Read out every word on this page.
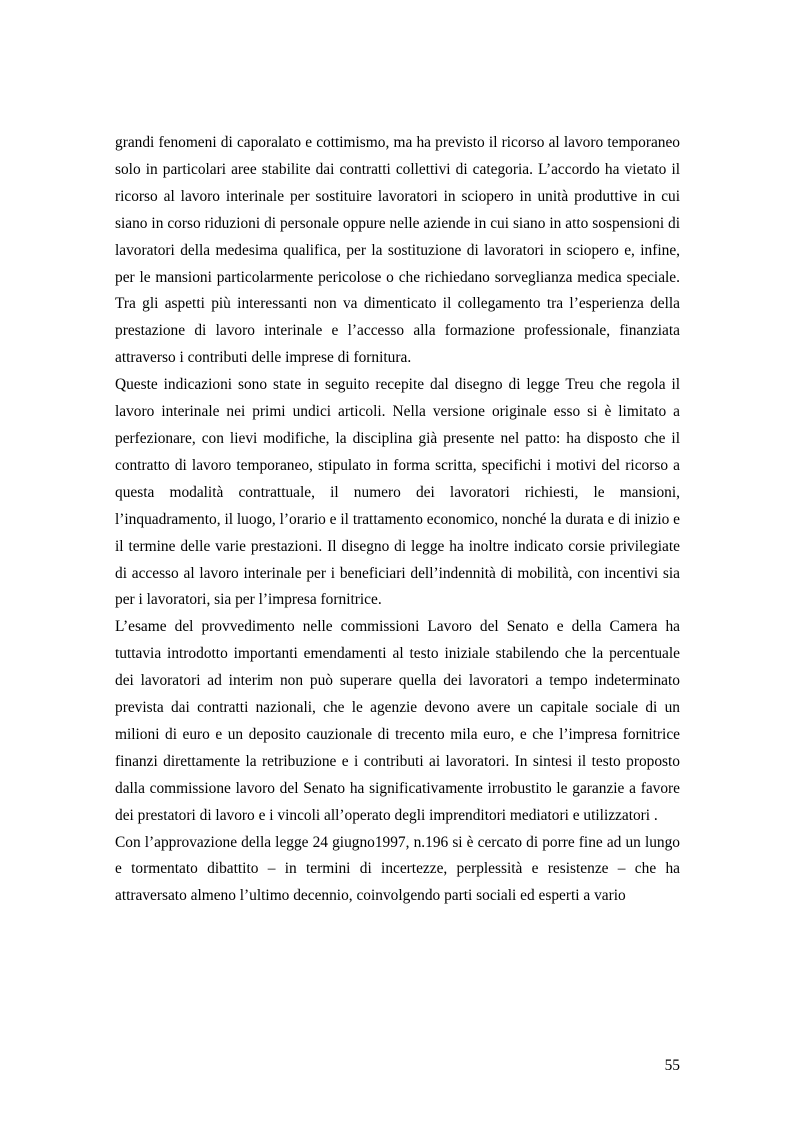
grandi fenomeni di caporalato e cottimismo, ma ha previsto il ricorso al lavoro temporaneo solo in particolari aree stabilite dai contratti collettivi di categoria. L’accordo ha vietato il ricorso al lavoro interinale per sostituire lavoratori in sciopero in unità produttive in cui siano in corso riduzioni di personale oppure nelle aziende in cui siano in atto sospensioni di lavoratori della medesima qualifica, per la sostituzione di lavoratori in sciopero e, infine, per le mansioni particolarmente pericolose o che richiedano sorveglianza medica speciale. Tra gli aspetti più interessanti non va dimenticato il collegamento tra l’esperienza della prestazione di lavoro interinale e l’accesso alla formazione professionale, finanziata attraverso i contributi delle imprese di fornitura.

Queste indicazioni sono state in seguito recepite dal disegno di legge Treu che regola il lavoro interinale nei primi undici articoli. Nella versione originale esso si è limitato a perfezionare, con lievi modifiche, la disciplina già presente nel patto: ha disposto che il contratto di lavoro temporaneo, stipulato in forma scritta, specifichi i motivi del ricorso a questa modalità contrattuale, il numero dei lavoratori richiesti, le mansioni, l’inquadramento, il luogo, l’orario e il trattamento economico, nonché la durata e di inizio e il termine delle varie prestazioni. Il disegno di legge ha inoltre indicato corsie privilegiate di accesso al lavoro interinale per i beneficiari dell’indennità di mobilità, con incentivi sia per i lavoratori, sia per l’impresa fornitrice.

L’esame del provvedimento nelle commissioni Lavoro del Senato e della Camera ha tuttavia introdotto importanti emendamenti al testo iniziale stabilendo che la percentuale dei lavoratori ad interim non può superare quella dei lavoratori a tempo indeterminato prevista dai contratti nazionali, che le agenzie devono avere un capitale sociale di un milioni di euro e un deposito cauzionale di trecento mila euro, e che l’impresa fornitrice finanzi direttamente la retribuzione e i contributi ai lavoratori. In sintesi il testo proposto dalla commissione lavoro del Senato ha significativamente irrobustito le garanzie a favore dei prestatori di lavoro e i vincoli all’operato degli imprenditori mediatori e utilizzatori .

Con l’approvazione della legge 24 giugno1997, n.196 si è cercato di porre fine ad un lungo e tormentato dibattito – in termini di incertezze, perplessità e resistenze – che ha attraversato almeno l’ultimo decennio, coinvolgendo parti sociali ed esperti a vario

55
